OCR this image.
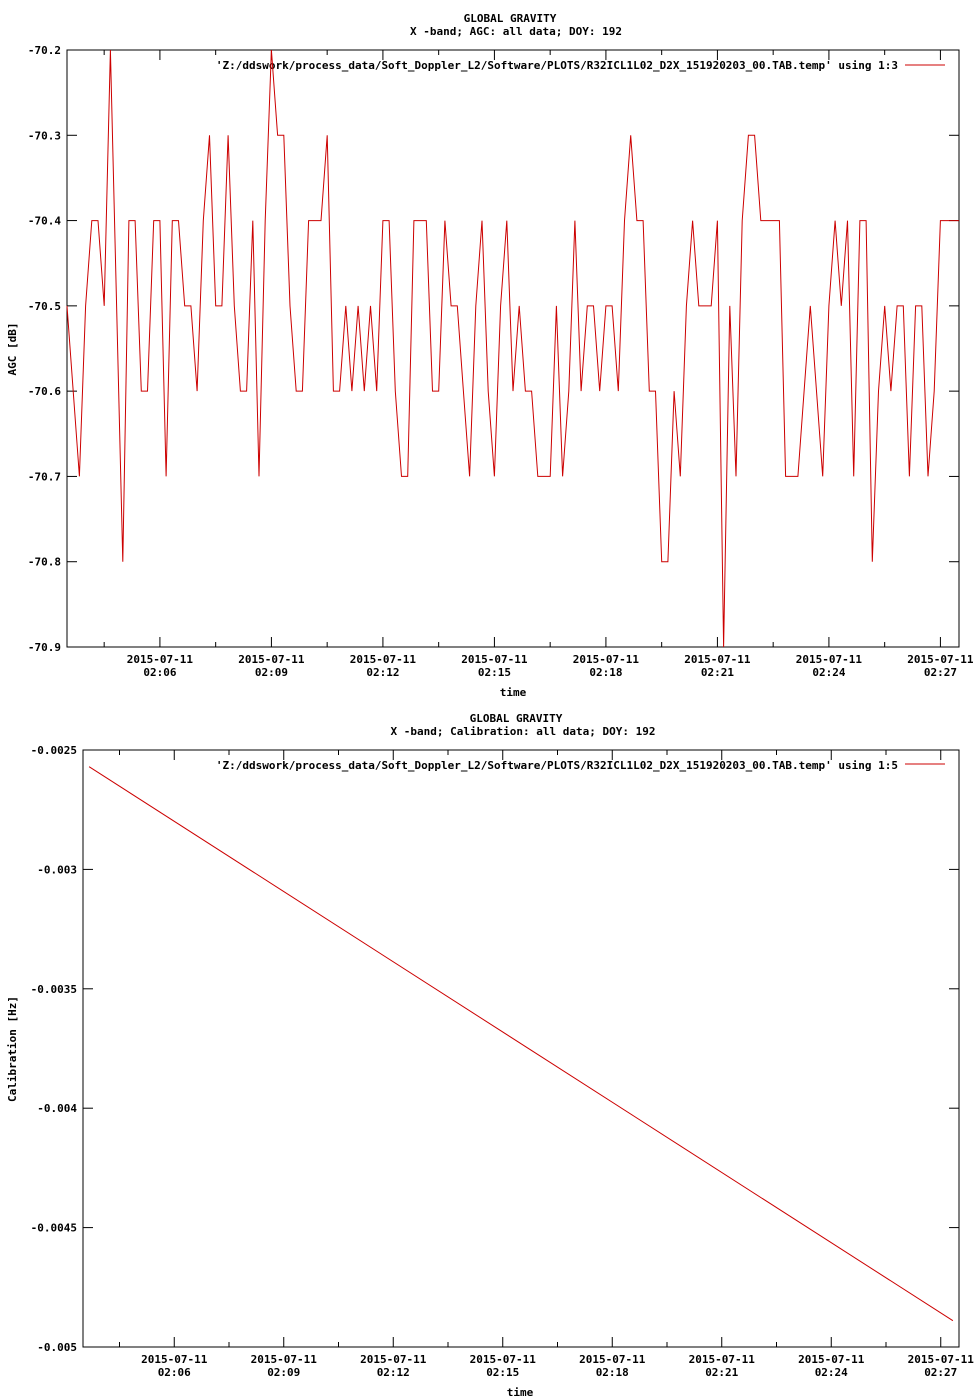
GLOBAL GRAVITY
X -band; AGC: all data; DOY: 192
-70.2
-70.3
-70.4
-70.5
-70.6
-70.7
-70.8
-70.9
2015-07-11
02:06
2015-07-11
02:09
2015-07-11
02:12
2015-07-11
02:15
2015-07-11
02:18
2015-07-11
02:21
2015-07-11
02:24
2015-07-11
02:27
AGC [dB]
time
'Z:/ddswork/process_data/Soft_Doppler_L2/Software/PLOTS/R32ICL1L02_D2X_151920203_00.TAB.temp' using 1:3
GLOBAL GRAVITY
X -band; Calibration: all data; DOY: 192
-0.0025
-0.003
-0.0035
-0.004
-0.0045
-0.005
2015-07-11
02:06
2015-07-11
02:09
2015-07-11
02:12
2015-07-11
02:15
2015-07-11
02:18
2015-07-11
02:21
2015-07-11
02:24
2015-07-11
02:27
Calibration [Hz]
time
'Z:/ddswork/process_data/Soft_Doppler_L2/Software/PLOTS/R32ICL1L02_D2X_151920203_00.TAB.temp' using 1:5
